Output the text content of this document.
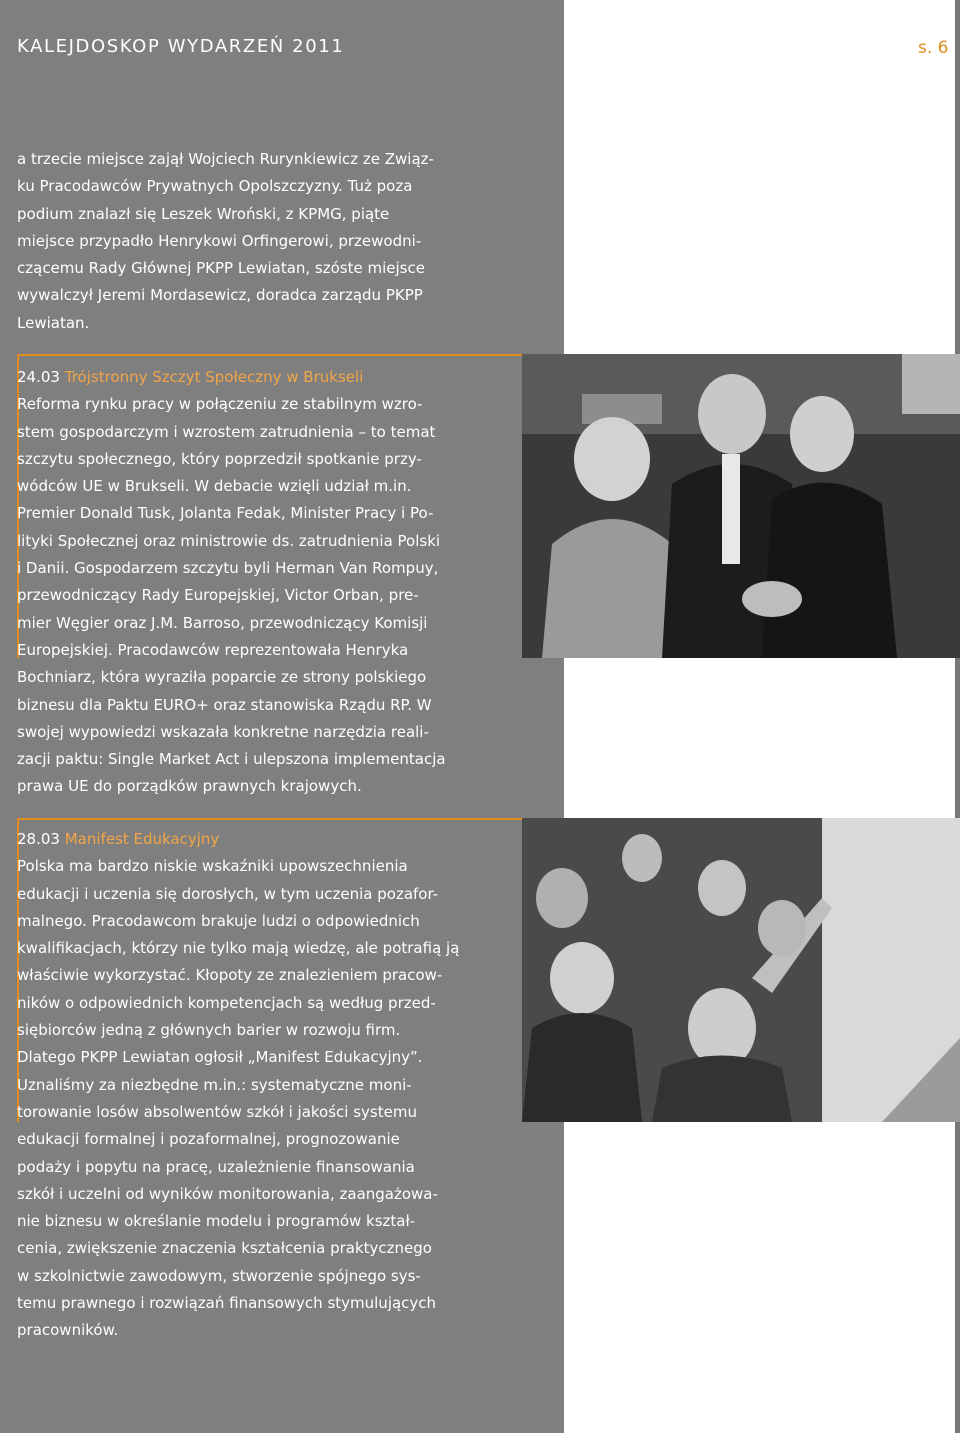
KALEJDOSKOP WYDARZEŃ 2011	s. 6

a trzecie miejsce zajął Wojciech Rurynkiewicz ze Związ-

ku Pracodawców Prywatnych Opolszczyzny. Tuż poza

podium znalazł się Leszek Wroński, z KPMG, piąte

miejsce przypadło Henrykowi Orfingerowi, przewodni-

czącemu Rady Głównej PKPP Lewiatan, szóste miejsce

wywalczył Jeremi Mordasewicz, doradca zarządu PKPP

Lewiatan.

24.03 Trójstronny Szczyt Społeczny w Brukseli

Reforma rynku pracy w połączeniu ze stabilnym wzro-

stem gospodarczym i wzrostem zatrudnienia – to temat

szczytu społecznego, który poprzedził spotkanie przy-

wódców UE w Brukseli. W debacie wzięli udział m.in.

Premier Donald Tusk, Jolanta Fedak, Minister Pracy i Po-

lityki Społecznej oraz ministrowie ds. zatrudnienia Polski

i Danii. Gospodarzem szczytu byli Herman Van Rompuy,

przewodniczący Rady Europejskiej, Victor Orban, pre-

mier Węgier oraz J.M. Barroso, przewodniczący Komisji

Europejskiej. Pracodawców reprezentowała Henryka

Bochniarz, która wyraziła poparcie ze strony polskiego

biznesu dla Paktu EURO+ oraz stanowiska Rządu RP. W

swojej wypowiedzi wskazała konkretne narzędzia reali-

zacji paktu: Single Market Act i ulepszona implementacja

prawa UE do porządków prawnych krajowych.

28.03 Manifest Edukacyjny

Polska ma bardzo niskie wskaźniki upowszechnienia

edukacji i uczenia się dorosłych, w tym uczenia pozafor-

malnego. Pracodawcom brakuje ludzi o odpowiednich

kwalifikacjach, którzy nie tylko mają wiedzę, ale potrafią ją

właściwie wykorzystać. Kłopoty ze znalezieniem pracow-

ników o odpowiednich kompetencjach są według przed-

siębiorców jedną z głównych barier w rozwoju firm.

Dlatego PKPP Lewiatan ogłosił „Manifest Edukacyjny”.

Uznaliśmy za niezbędne m.in.: systematyczne moni-

torowanie losów absolwentów szkół i jakości systemu

edukacji formalnej i pozaformalnej, prognozowanie

podaży i popytu na pracę, uzależnienie finansowania

szkół i uczelni od wyników monitorowania, zaangażowa-

nie biznesu w określanie modelu i programów kształ-

cenia, zwiększenie znaczenia kształcenia praktycznego

w szkolnictwie zawodowym, stworzenie spójnego sys-

temu prawnego i rozwiązań finansowych stymulujących

pracowników.
